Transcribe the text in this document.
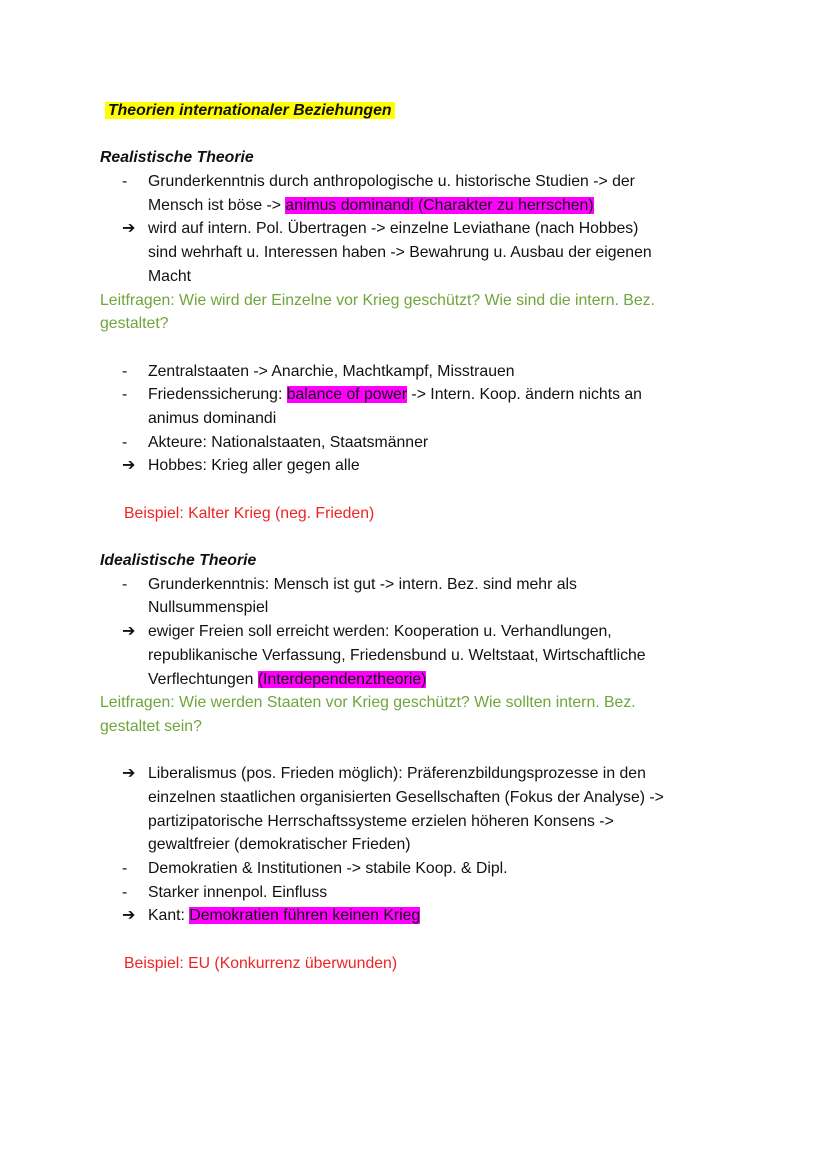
Theorien internationaler Beziehungen
Realistische Theorie
- Grunderkenntnis durch anthropologische u. historische Studien -> der
Mensch ist böse -> animus dominandi (Charakter zu herrschen)
➔ wird auf intern. Pol. Übertragen -> einzelne Leviathane (nach Hobbes)
sind wehrhaft u. Interessen haben -> Bewahrung u. Ausbau der eigenen
Macht
Leitfragen: Wie wird der Einzelne vor Krieg geschützt? Wie sind die intern. Bez.
gestaltet?
- Zentralstaaten -> Anarchie, Machtkampf, Misstrauen
- Friedenssicherung: balance of power -> Intern. Koop. ändern nichts an
animus dominandi
- Akteure: Nationalstaaten, Staatsmänner
➔ Hobbes: Krieg aller gegen alle
Beispiel: Kalter Krieg (neg. Frieden)
Idealistische Theorie
- Grunderkenntnis: Mensch ist gut -> intern. Bez. sind mehr als
Nullsummenspiel
➔ ewiger Freien soll erreicht werden: Kooperation u. Verhandlungen,
republikanische Verfassung, Friedensbund u. Weltstaat, Wirtschaftliche
Verflechtungen (Interdependenztheorie)
Leitfragen: Wie werden Staaten vor Krieg geschützt? Wie sollten intern. Bez.
gestaltet sein?
➔ Liberalismus (pos. Frieden möglich): Präferenzbildungsprozesse in den
einzelnen staatlichen organisierten Gesellschaften (Fokus der Analyse) ->
partizipatorische Herrschaftssysteme erzielen höheren Konsens ->
gewaltfreier (demokratischer Frieden)
- Demokratien & Institutionen -> stabile Koop. & Dipl.
- Starker innenpol. Einfluss
➔ Kant: Demokratien führen keinen Krieg
Beispiel: EU (Konkurrenz überwunden)
